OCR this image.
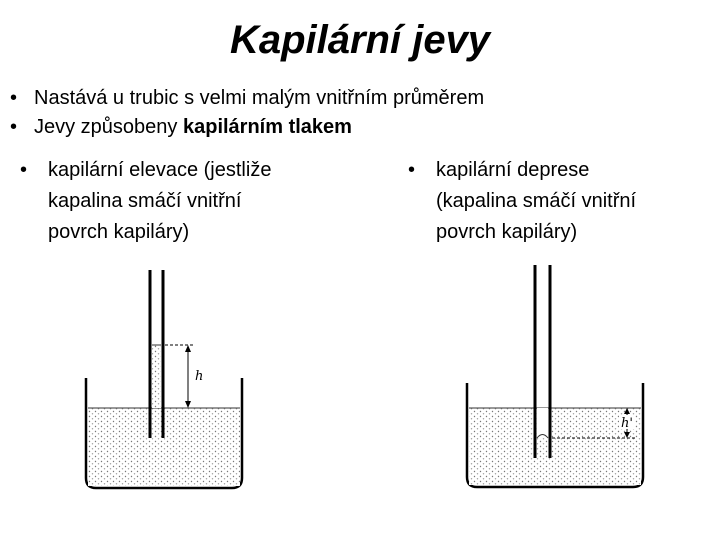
Kapilární jevy
• Nastává u trubic s velmi malým vnitřním průměrem
• Jevy způsobeny kapilárním tlakem
•	kapilární elevace (jestliže
kapalina smáčí vnitřní
povrch kapiláry)
•	kapilární deprese
(kapalina smáčí vnitřní
povrch kapiláry)
h
h'
